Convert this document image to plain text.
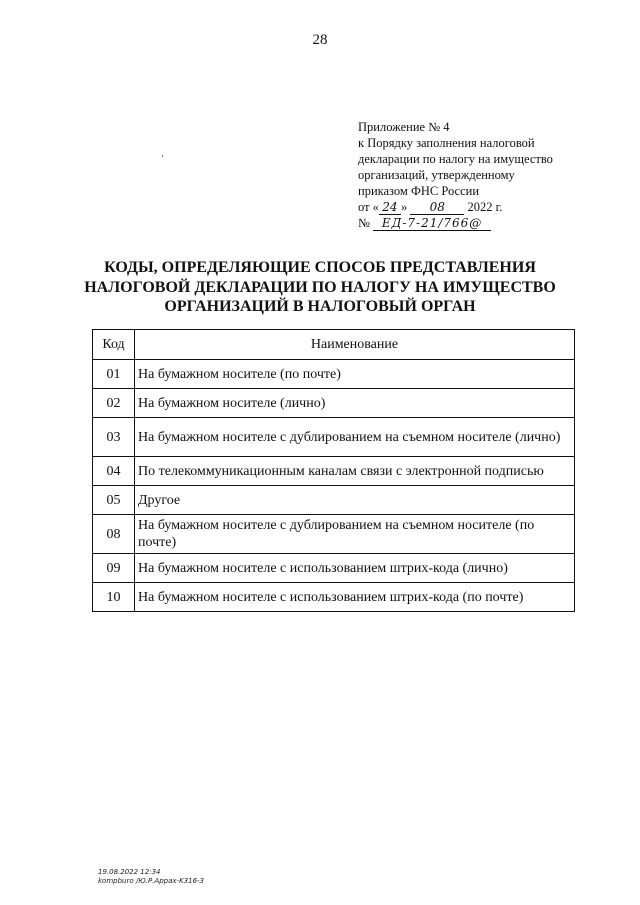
28
Приложение № 4
к Порядку заполнения налоговой
декларации по налогу на имущество
организаций, утвержденному
приказом ФНС России
от « 24 » 08 2022 г.
№ ЕД-7-21/766@
КОДЫ, ОПРЕДЕЛЯЮЩИЕ СПОСОБ ПРЕДСТАВЛЕНИЯ
НАЛОГОВОЙ ДЕКЛАРАЦИИ ПО НАЛОГУ НА ИМУЩЕСТВО
ОРГАНИЗАЦИЙ В НАЛОГОВЫЙ ОРГАН
Код	Наименование
01	На бумажном носителе (по почте)
02	На бумажном носителе (лично)
03	На бумажном носителе с дублированием на съемном носителе (лично)
04	По телекоммуникационным каналам связи с электронной подписью
05	Другое
08	На бумажном носителе с дублированием на съемном носителе (по почте)
09	На бумажном носителе с использованием штрих-кода (лично)
10	На бумажном носителе с использованием штрих-кода (по почте)
19.08.2022 12:34
kompburo /Ю.Р.Appax-K316-3
